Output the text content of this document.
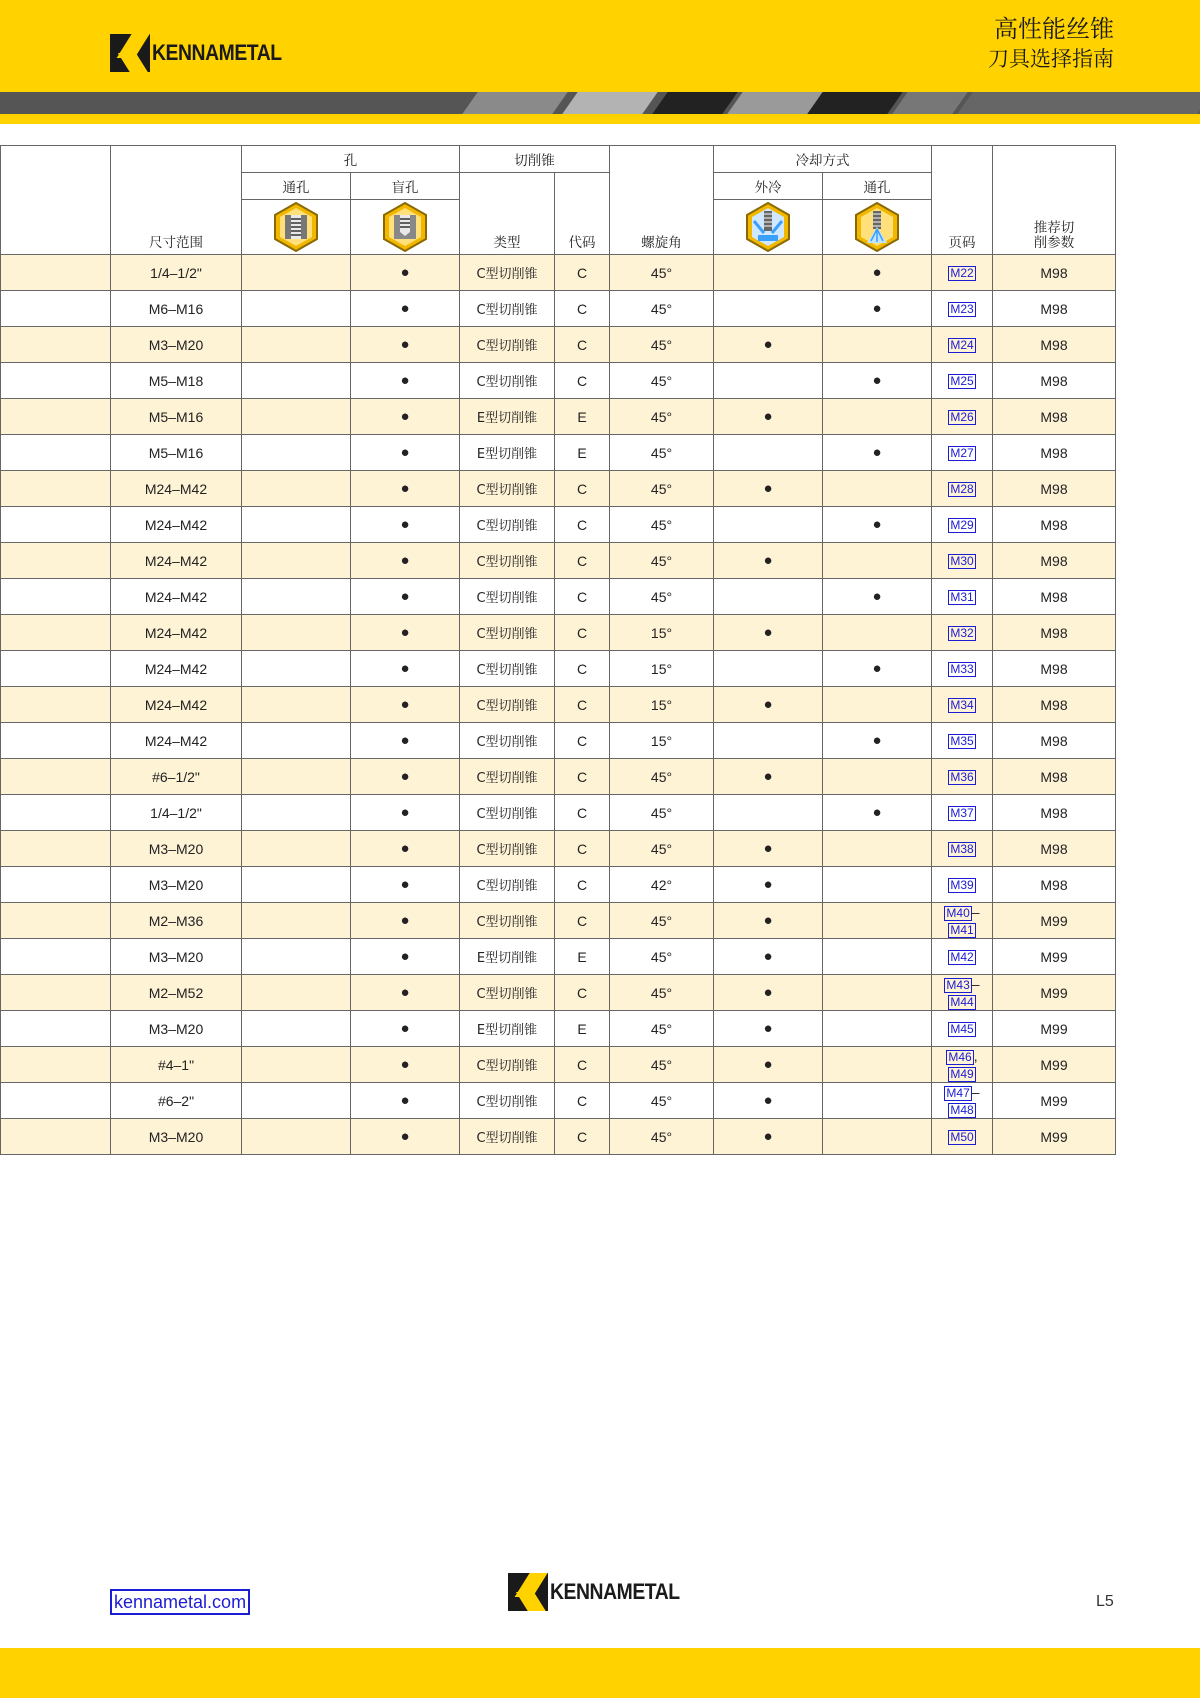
KENNAMETAL
高性能丝锥
刀具选择指南
	尺寸范围	孔		切削锥		螺旋角	冷却方式		页码	推荐切
削参数

		通孔	盲孔	类型	代码		外冷	通孔		

	1/4–1/2"		●	C型切削锥	C	45°		●	M22	M98
	M6–M16		●	C型切削锥	C	45°		●	M23	M98
	M3–M20		●	C型切削锥	C	45°	●		M24	M98
	M5–M18		●	C型切削锥	C	45°		●	M25	M98
	M5–M16		●	E型切削锥	E	45°	●		M26	M98
	M5–M16		●	E型切削锥	E	45°		●	M27	M98
	M24–M42		●	C型切削锥	C	45°	●		M28	M98
	M24–M42		●	C型切削锥	C	45°		●	M29	M98
	M24–M42		●	C型切削锥	C	45°	●		M30	M98
	M24–M42		●	C型切削锥	C	45°		●	M31	M98
	M24–M42		●	C型切削锥	C	15°	●		M32	M98
	M24–M42		●	C型切削锥	C	15°		●	M33	M98
	M24–M42		●	C型切削锥	C	15°	●		M34	M98
	M24–M42		●	C型切削锥	C	15°		●	M35	M98
	#6–1/2"		●	C型切削锥	C	45°	●		M36	M98
	1/4–1/2"		●	C型切削锥	C	45°		●	M37	M98
	M3–M20		●	C型切削锥	C	45°	●		M38	M98
	M3–M20		●	C型切削锥	C	42°	●		M39	M98
	M2–M36		●	C型切削锥	C	45°	●		M40 –M41	M99
	M3–M20		●	E型切削锥	E	45°	●		M42	M99
	M2–M52		●	C型切削锥	C	45°	●		M43 –M44	M99
	M3–M20		●	E型切削锥	E	45°	●		M45	M99
	#4–1"		●	C型切削锥	C	45°	●		M46 , M49	M99
	#6–2"		●	C型切削锥	C	45°	●		M47 –M48	M99
	M3–M20		●	C型切削锥	C	45°	●		M50	M99
kennametal.com	KENNAMETAL	L5
